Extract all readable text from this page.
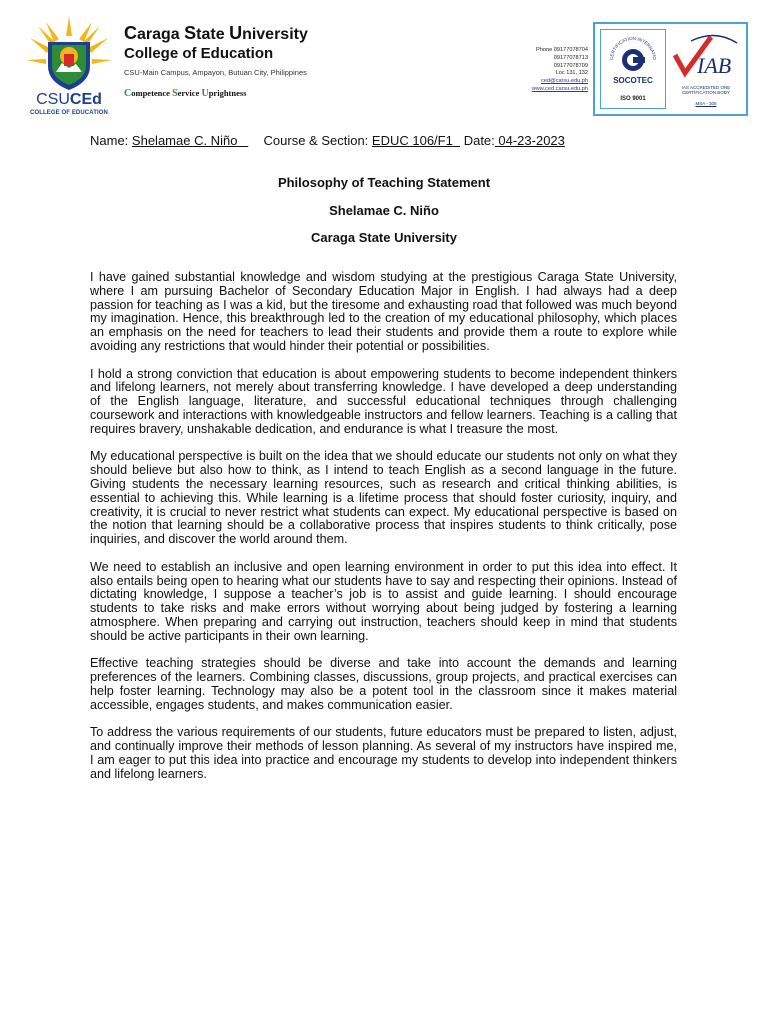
CSUCEd
COLLEGE OF EDUCATION
Caraga State University
College of Education
CSU-Main Campus, Ampayon, Butuan City, Philippines
Competence Service Uprightness
Phone 09177078704
09177078713
09177078709
Loc 131, 132
ced@carsu.edu.ph
www.ced.carsu.edu.ph
CERTIFICATION INTERNATIO
SOCOTEC
ISO 9001
IAB
IAS ACCREDITED ONE CERTIFICATION BODY
MSA - 305
Name: Shelamae C. Niño Course & Section: EDUC 106/F1 Date: 04-23-2023
Philosophy of Teaching Statement
Shelamae C. Niño
Caraga State University

I have gained substantial knowledge and wisdom studying at the prestigious Caraga State University, where I am pursuing Bachelor of Secondary Education Major in English. I had always had a deep passion for teaching as I was a kid, but the tiresome and exhausting road that followed was much beyond my imagination. Hence, this breakthrough led to the creation of my educational philosophy, which places an emphasis on the need for teachers to lead their students and provide them a route to explore while avoiding any restrictions that would hinder their potential or possibilities.

I hold a strong conviction that education is about empowering students to become independent thinkers and lifelong learners, not merely about transferring knowledge. I have developed a deep understanding of the English language, literature, and successful educational techniques through challenging coursework and interactions with knowledgeable instructors and fellow learners. Teaching is a calling that requires bravery, unshakable dedication, and endurance is what I treasure the most.

My educational perspective is built on the idea that we should educate our students not only on what they should believe but also how to think, as I intend to teach English as a second language in the future. Giving students the necessary learning resources, such as research and critical thinking abilities, is essential to achieving this. While learning is a lifetime process that should foster curiosity, inquiry, and creativity, it is crucial to never restrict what students can expect. My educational perspective is based on the notion that learning should be a collaborative process that inspires students to think critically, pose inquiries, and discover the world around them.

We need to establish an inclusive and open learning environment in order to put this idea into effect. It also entails being open to hearing what our students have to say and respecting their opinions. Instead of dictating knowledge, I suppose a teacher’s job is to assist and guide learning. I should encourage students to take risks and make errors without worrying about being judged by fostering a learning atmosphere. When preparing and carrying out instruction, teachers should keep in mind that students should be active participants in their own learning.

Effective teaching strategies should be diverse and take into account the demands and learning preferences of the learners. Combining classes, discussions, group projects, and practical exercises can help foster learning. Technology may also be a potent tool in the classroom since it makes material accessible, engages students, and makes communication easier.

To address the various requirements of our students, future educators must be prepared to listen, adjust, and continually improve their methods of lesson planning. As several of my instructors have inspired me, I am eager to put this idea into practice and encourage my students to develop into independent thinkers and lifelong learners.
